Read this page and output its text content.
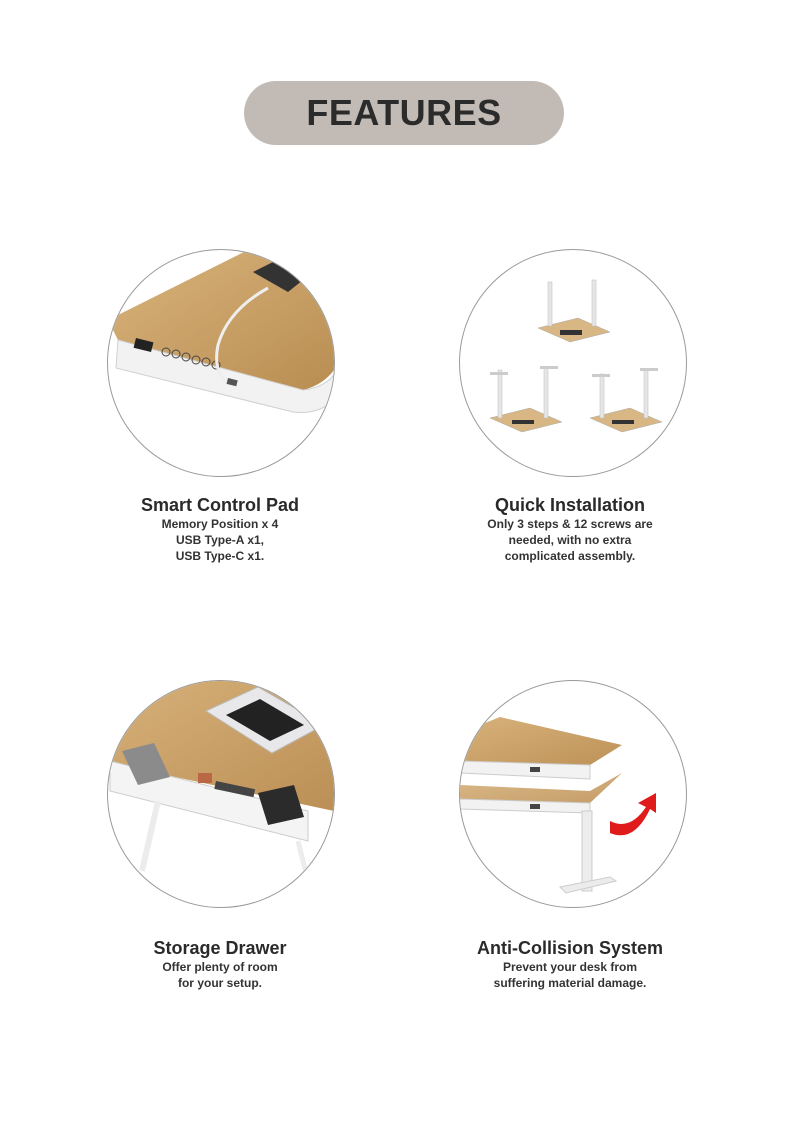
FEATURES
Smart Control Pad
Memory Position x 4
USB Type-A x1,
USB Type-C x1.
Quick Installation
Only 3 steps & 12 screws are
needed, with no extra
complicated assembly.
Storage Drawer
Offer plenty of room
for your setup.
Anti-Collision System
Prevent your desk from
suffering material damage.
